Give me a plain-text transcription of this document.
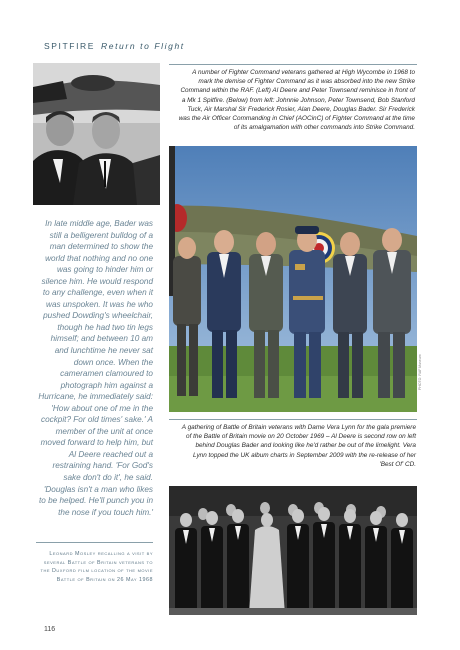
SPITFIRE Return to Flight
A number of Fighter Command veterans gathered at High Wycombe in 1968 to mark the demise of Fighter Command as it was absorbed into the new Strike Command within the RAF. (Left) Al Deere and Peter Townsend reminisce in front of a Mk 1 Spitfire. (Below) from left: Johnnie Johnson, Peter Townsend, Bob Stanford Tuck, Air Marshal Sir Frederick Rosier, Alan Deere, Douglas Bader. Sir Frederick was the Air Officer Commanding in Chief (AOCinC) of Fighter Command at the time of its amalgamation with other commands into Strike Command.
PHOTO: RAF Museum
A gathering of Battle of Britain veterans with Dame Vera Lynn for the gala premiere of the Battle of Britain movie on 20 October 1969 – Al Deere is second row on left behind Douglas Bader and looking like he'd rather be out of the limelight. Vera Lynn topped the UK album charts in September 2009 with the re-release of her 'Best Of' CD.
In late middle age, Bader was still a belligerent bulldog of a man determined to show the world that nothing and no one was going to hinder him or silence him. He would respond to any challenge, even when it was unspoken. It was he who pushed Dowding's wheelchair, though he had two tin legs himself; and between 10 am and lunchtime he never sat down once. When the cameramen clamoured to photograph him against a Hurricane, he immediately said: 'How about one of me in the cockpit? For old times' sake.' A member of the unit at once moved forward to help him, but Al Deere reached out a restraining hand. 'For God's sake don't do it', he said. 'Douglas isn't a man who likes to be helped. He'll punch you in the nose if you touch him.'
Leonard Mosley recalling a visit by several Battle of Britain veterans to the Duxford film location of the movie Battle of Britain on 26 May 1968
116
